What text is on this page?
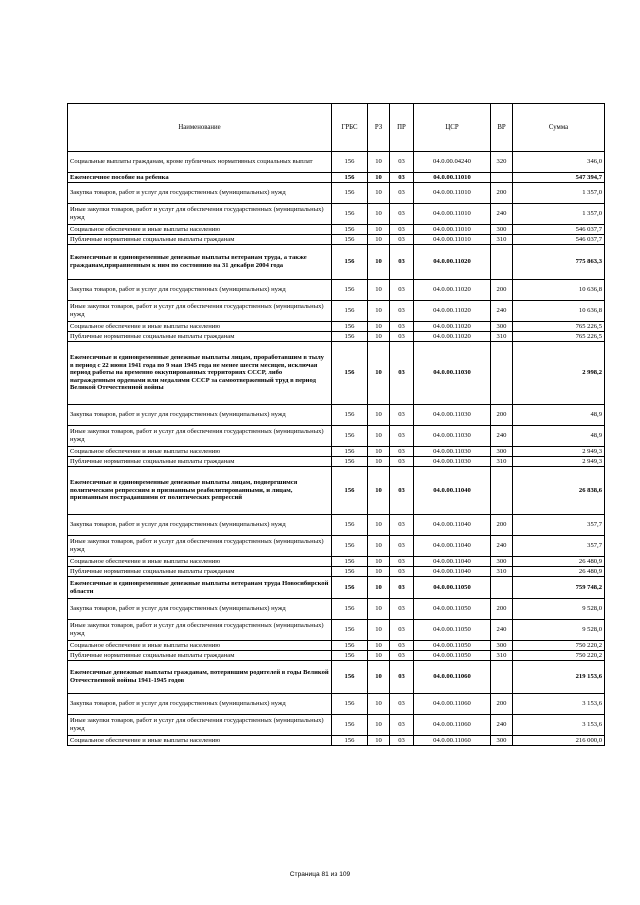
Наименование	ГРБС	РЗ	ПР	ЦСР	ВР	Сумма
Социальные выплаты гражданам, кроме публичных нормативных социальных выплат	156	10	03	04.0.00.04240	320	346,0
Ежемесячное пособие на ребенка	156	10	03	04.0.00.11010		547 394,7
Закупка товаров, работ и услуг для государственных (муниципальных) нужд	156	10	03	04.0.00.11010	200	1 357,0
Иные закупки товаров, работ и услуг для обеспечения государственных (муниципальных) нужд	156	10	03	04.0.00.11010	240	1 357,0
Социальное обеспечение и иные выплаты населению	156	10	03	04.0.00.11010	300	546 037,7
Публичные нормативные социальные выплаты гражданам	156	10	03	04.0.00.11010	310	546 037,7
Ежемесячные и единовременные денежные выплаты ветеранам труда, а также гражданам,приравненным к ним по состоянию на 31 декабря 2004 года	156	10	03	04.0.00.11020		775 863,3
Закупка товаров, работ и услуг для государственных (муниципальных) нужд	156	10	03	04.0.00.11020	200	10 636,8
Иные закупки товаров, работ и услуг для обеспечения государственных (муниципальных) нужд	156	10	03	04.0.00.11020	240	10 636,8
Социальное обеспечение и иные выплаты населению	156	10	03	04.0.00.11020	300	765 226,5
Публичные нормативные социальные выплаты гражданам	156	10	03	04.0.00.11020	310	765 226,5
Ежемесячные и единовременные денежные выплаты лицам, проработавшим в тылу в период с 22 июня 1941 года по 9 мая 1945 года не менее шести месяцев, исключая период работы на временно оккупированных территориях СССР, либо награжденным орденами или медалями СССР за самоотверженный труд в период Великой Отечественной войны	156	10	03	04.0.00.11030		2 998,2
Закупка товаров, работ и услуг для государственных (муниципальных) нужд	156	10	03	04.0.00.11030	200	48,9
Иные закупки товаров, работ и услуг для обеспечения государственных (муниципальных) нужд	156	10	03	04.0.00.11030	240	48,9
Социальное обеспечение и иные выплаты населению	156	10	03	04.0.00.11030	300	2 949,3
Публичные нормативные социальные выплаты гражданам	156	10	03	04.0.00.11030	310	2 949,3
Ежемесячные и единовременные денежные выплаты лицам, подвергшимся политическим репрессиям и признанным реабилитированными, и лицам, признанным пострадавшими от политических репрессий	156	10	03	04.0.00.11040		26 838,6
Закупка товаров, работ и услуг для государственных (муниципальных) нужд	156	10	03	04.0.00.11040	200	357,7
Иные закупки товаров, работ и услуг для обеспечения государственных (муниципальных) нужд	156	10	03	04.0.00.11040	240	357,7
Социальное обеспечение и иные выплаты населению	156	10	03	04.0.00.11040	300	26 480,9
Публичные нормативные социальные выплаты гражданам	156	10	03	04.0.00.11040	310	26 480,9
Ежемесячные и единовременные денежные выплаты ветеранам труда Новосибирской области	156	10	03	04.0.00.11050		759 748,2
Закупка товаров, работ и услуг для государственных (муниципальных) нужд	156	10	03	04.0.00.11050	200	9 528,0
Иные закупки товаров, работ и услуг для обеспечения государственных (муниципальных) нужд	156	10	03	04.0.00.11050	240	9 528,0
Социальное обеспечение и иные выплаты населению	156	10	03	04.0.00.11050	300	750 220,2
Публичные нормативные социальные выплаты гражданам	156	10	03	04.0.00.11050	310	750 220,2
Ежемесячные денежные выплаты гражданам, потерявшим родителей в годы Великой Отечественной войны 1941-1945 годов	156	10	03	04.0.00.11060		219 153,6
Закупка товаров, работ и услуг для государственных (муниципальных) нужд	156	10	03	04.0.00.11060	200	3 153,6
Иные закупки товаров, работ и услуг для обеспечения государственных (муниципальных) нужд	156	10	03	04.0.00.11060	240	3 153,6
Социальное обеспечение и иные выплаты населению	156	10	03	04.0.00.11060	300	216 000,0
Страница 81 из 109
